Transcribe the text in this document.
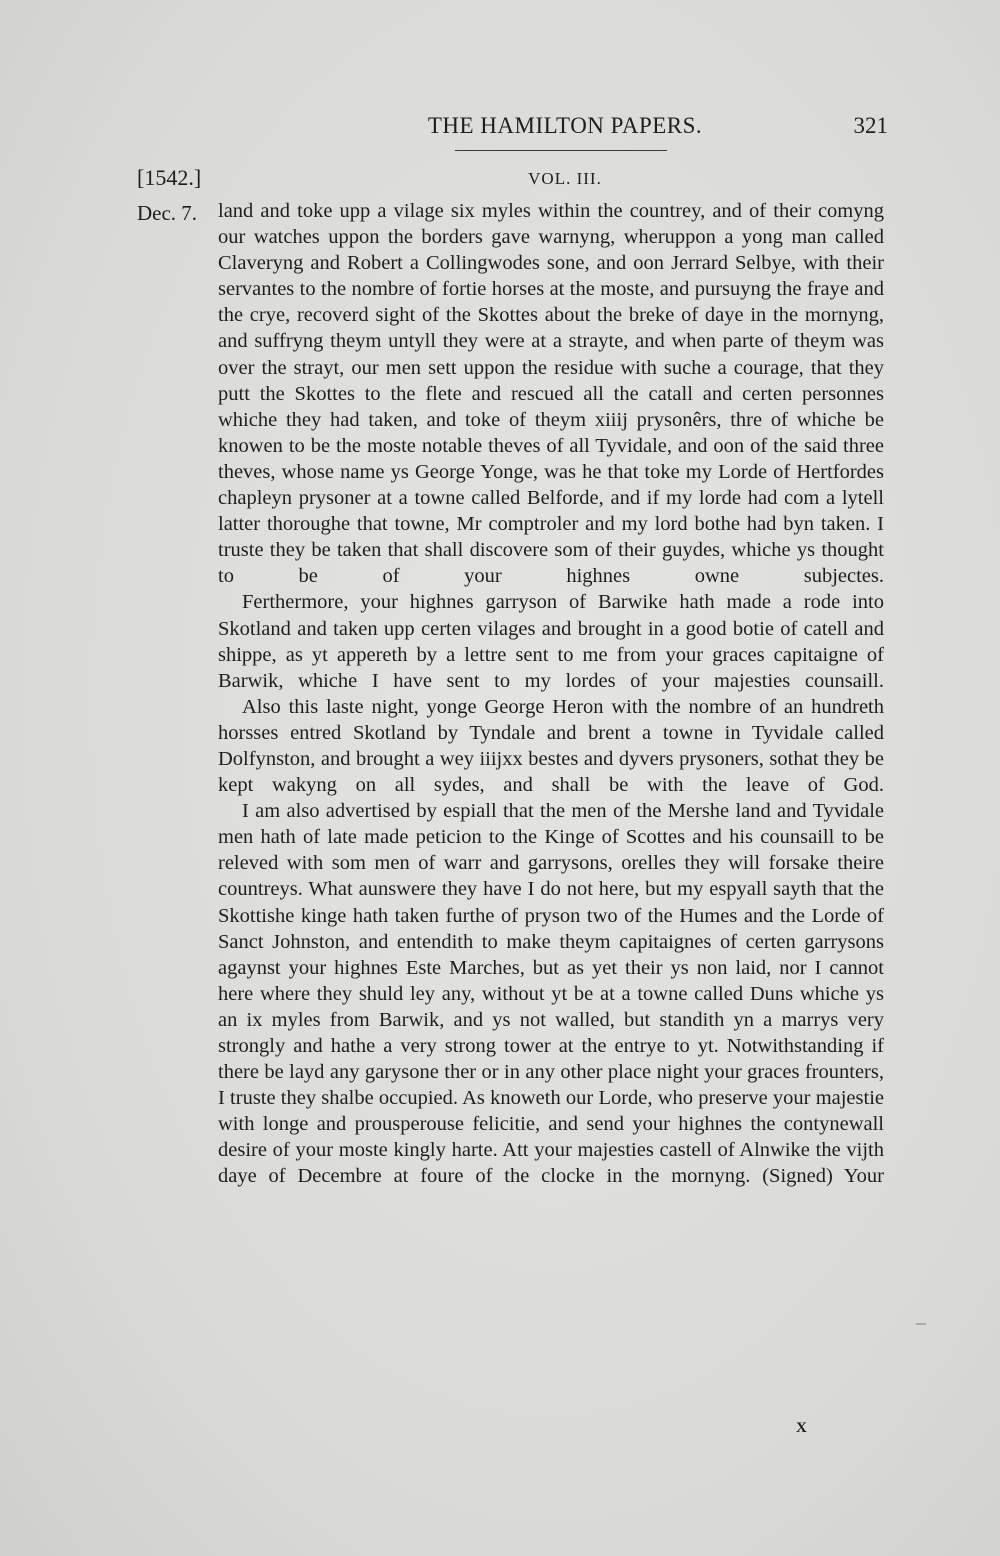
THE HAMILTON PAPERS.	321
[1542.]	VOL. III.
Dec. 7. land and toke upp a vilage six myles within the countrey, and of their comyng our watches uppon the borders gave warnyng, wheruppon a yong man called Claveryng and Robert a Collingwodes sone, and oon Jerrard Selbye, with their servantes to the nombre of fortie horses at the moste, and pursuyng the fraye and the crye, recoverd sight of the Skottes about the breke of daye in the mornyng, and suffryng theym untyll they were at a strayte, and when parte of theym was over the strayt, our men sett uppon the residue with suche a courage, that they putt the Skottes to the flete and rescued all the catall and certen personnes whiche they had taken, and toke of theym xiiij prysonêrs, thre of whiche be knowen to be the moste notable theves of all Tyvidale, and oon of the said three theves, whose name ys George Yonge, was he that toke my Lorde of Hertfordes chapleyn prysoner at a towne called Belforde, and if my lorde had com a lytell latter thoroughe that towne, Mr comptroler and my lord bothe had byn taken. I truste they be taken that shall discovere som of their guydes, whiche ys thought to be of your highnes owne subjectes.

Ferthermore, your highnes garryson of Barwike hath made a rode into Skotland and taken upp certen vilages and brought in a good botie of catell and shippe, as yt appereth by a lettre sent to me from your graces capitaigne of Barwik, whiche I have sent to my lordes of your majesties counsaill.

Also this laste night, yonge George Heron with the nombre of an hundreth horsses entred Skotland by Tyndale and brent a towne in Tyvidale called Dolfynston, and brought a wey iiijxx bestes and dyvers prysoners, sothat they be kept wakyng on all sydes, and shall be with the leave of God.

I am also advertised by espiall that the men of the Mershe land and Tyvidale men hath of late made peticion to the Kinge of Scottes and his counsaill to be releved with som men of warr and garrysons, orelles they will forsake theire countreys. What aunswere they have I do not here, but my espyall sayth that the Skottishe kinge hath taken furthe of pryson two of the Humes and the Lorde of Sanct Johnston, and entendith to make theym capitaignes of certen garrysons agaynst your highnes Este Marches, but as yet their ys non laid, nor I cannot here where they shuld ley any, without yt be at a towne called Duns whiche ys an ix myles from Barwik, and ys not walled, but standith yn a marrys very strongly and hathe a very strong tower at the entrye to yt. Notwithstanding if there be layd any garysone ther or in any other place night your graces frounters, I truste they shalbe occupied. As knoweth our Lorde, who preserve your majestie with longe and prousperouse felicitie, and send your highnes the contynewall desire of your moste kingly harte. Att your majesties castell of Alnwike the vijth daye of Decembre at foure of the clocke in the mornyng. (Signed) Your

X
